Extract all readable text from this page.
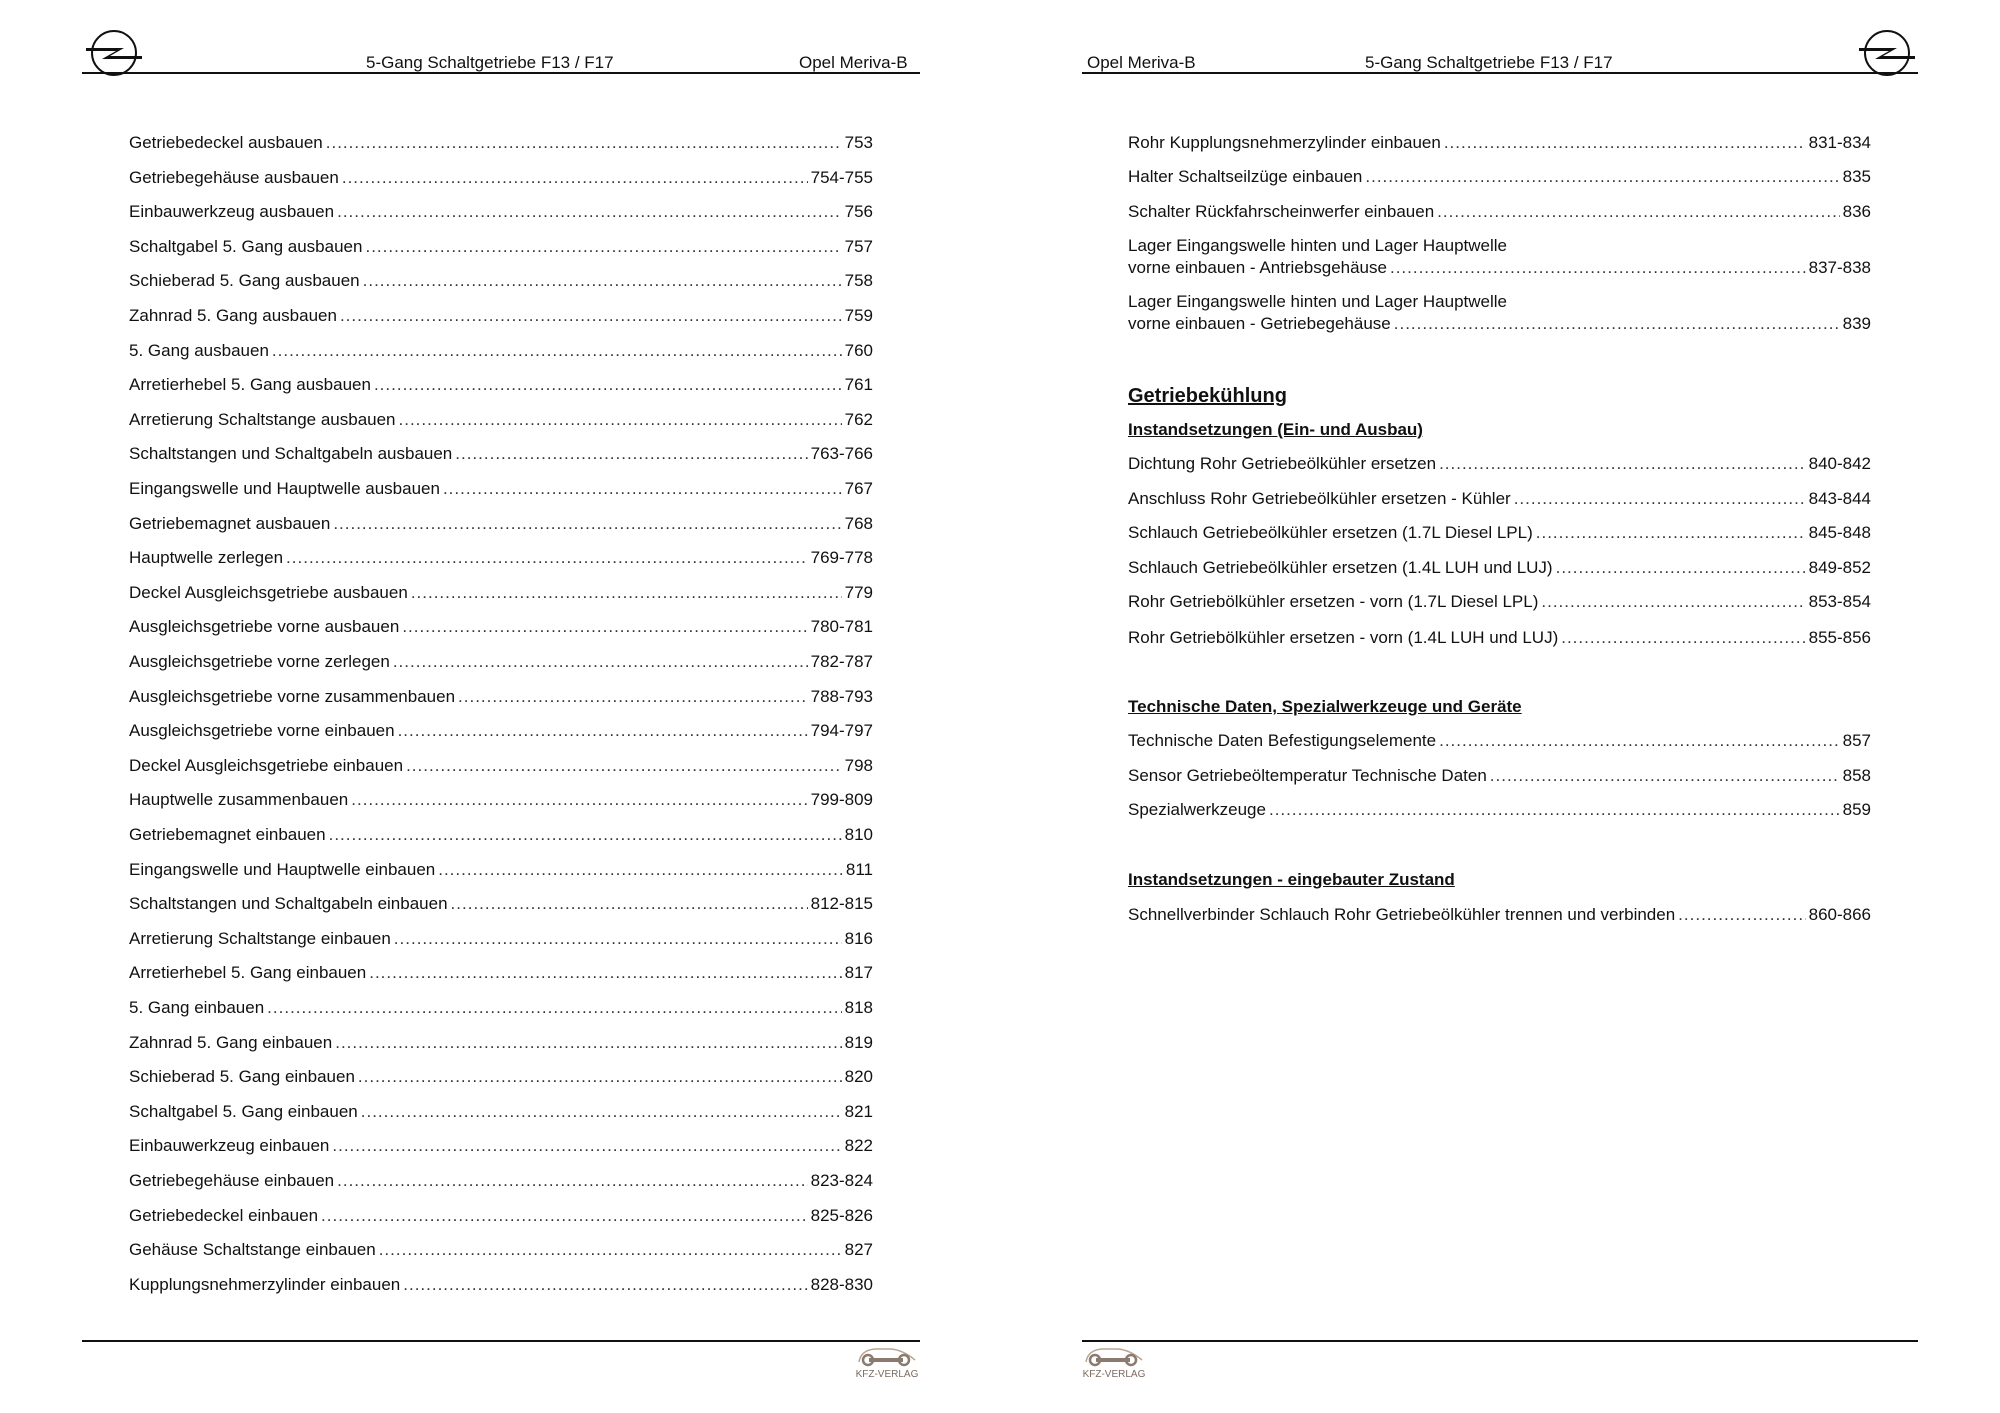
5-Gang Schaltgetriebe F13 / F17	Opel Meriva-B
Getriebedeckel ausbauen .....	753
Getriebegehäuse ausbauen .....	754-755
Einbauwerkzeug ausbauen .....	756
Schaltgabel 5. Gang ausbauen .....	757
Schieberad 5. Gang ausbauen .....	758
Zahnrad 5. Gang ausbauen .....	759
5. Gang ausbauen .....	760
Arretierhebel 5. Gang ausbauen .....	761
Arretierung Schaltstange ausbauen .....	762
Schaltstangen und Schaltgabeln ausbauen .....	763-766
Eingangswelle und Hauptwelle ausbauen .....	767
Getriebemagnet ausbauen .....	768
Hauptwelle zerlegen .....	769-778
Deckel Ausgleichsgetriebe ausbauen .....	779
Ausgleichsgetriebe vorne ausbauen .....	780-781
Ausgleichsgetriebe vorne zerlegen .....	782-787
Ausgleichsgetriebe vorne zusammenbauen .....	788-793
Ausgleichsgetriebe vorne einbauen .....	794-797
Deckel Ausgleichsgetriebe einbauen .....	798
Hauptwelle zusammenbauen .....	799-809
Getriebemagnet einbauen .....	810
Eingangswelle und Hauptwelle einbauen .....	811
Schaltstangen und Schaltgabeln einbauen .....	812-815
Arretierung Schaltstange einbauen .....	816
Arretierhebel 5. Gang einbauen .....	817
5. Gang einbauen .....	818
Zahnrad 5. Gang einbauen .....	819
Schieberad 5. Gang einbauen .....	820
Schaltgabel 5. Gang einbauen .....	821
Einbauwerkzeug einbauen .....	822
Getriebegehäuse einbauen .....	823-824
Getriebedeckel einbauen .....	825-826
Gehäuse Schaltstange einbauen .....	827
Kupplungsnehmerzylinder einbauen .....	828-830
KFZ-VERLAG
Opel Meriva-B	5-Gang Schaltgetriebe F13 / F17
Rohr Kupplungsnehmerzylinder einbauen .....	831-834
Halter Schaltseilzüge einbauen .....	835
Schalter Rückfahrscheinwerfer einbauen .....	836
Lager Eingangswelle hinten und Lager Hauptwelle
vorne einbauen - Antriebsgehäuse .....	837-838
Lager Eingangswelle hinten und Lager Hauptwelle
vorne einbauen - Getriebegehäuse .....	839
Getriebekühlung
Instandsetzungen (Ein- und Ausbau)
Dichtung Rohr Getriebeölkühler ersetzen .....	840-842
Anschluss Rohr Getriebeölkühler ersetzen - Kühler .....	843-844
Schlauch Getriebeölkühler ersetzen (1.7L Diesel LPL) .....	845-848
Schlauch Getriebeölkühler ersetzen (1.4L LUH und LUJ) .....	849-852
Rohr Getriebölkühler ersetzen - vorn (1.7L Diesel LPL) .....	853-854
Rohr Getriebölkühler ersetzen - vorn (1.4L LUH und LUJ) .....	855-856
Technische Daten, Spezialwerkzeuge und Geräte
Technische Daten Befestigungselemente .....	857
Sensor Getriebeöltemperatur Technische Daten .....	858
Spezialwerkzeuge .....	859
Instandsetzungen - eingebauter Zustand
Schnellverbinder Schlauch Rohr Getriebeölkühler trennen und verbinden .....	860-866
KFZ-VERLAG
